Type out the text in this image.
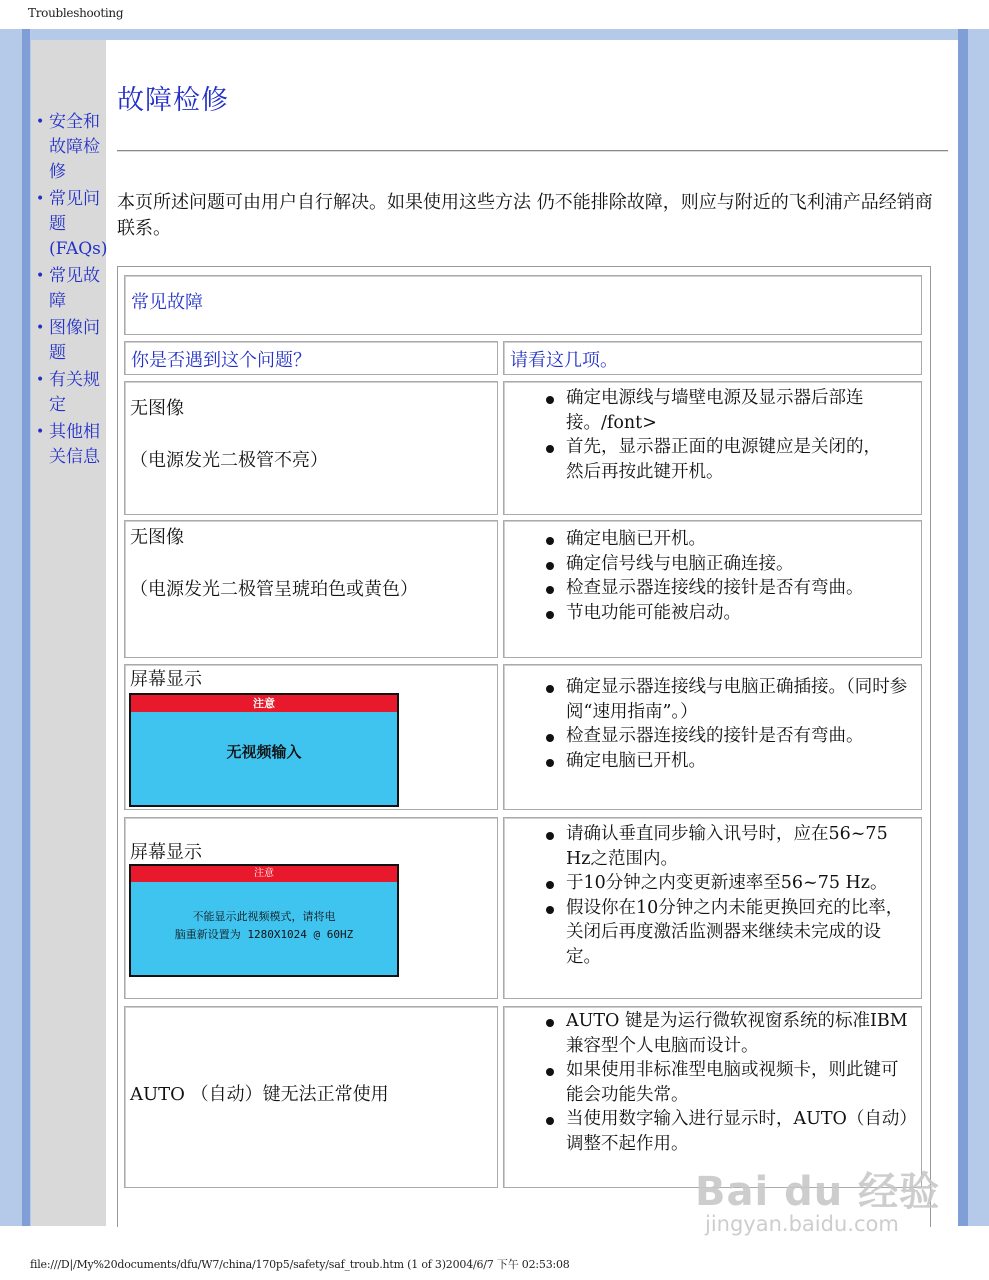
Troubleshooting
• 安全和故障检修
• 常见问题(FAQs)
• 常见故障
• 图像问题
• 有关规定
• 其他相关信息
故障检修
本页所述问题可由用户自行解决。如果使用这些方法 仍不能排除故障，则应与附近的飞利浦产品经销商联系。
常见故障
你是否遇到这个问题？	请看这几项。
无图像
（电源发光二极管不亮）
确定电源线与墙壁电源及显示器后部连接。/font>
首先，显示器正面的电源键应是关闭的，然后再按此键开机。
无图像
（电源发光二极管呈琥珀色或黄色）
确定电脑已开机。
确定信号线与电脑正确连接。
检查显示器连接线的接针是否有弯曲。
节电功能可能被启动。
屏幕显示
注意
无视频输入
确定显示器连接线与电脑正确插接。（同时参阅“速用指南”。）
检查显示器连接线的接针是否有弯曲。
确定电脑已开机。
屏幕显示
注意
不能显示此视频模式，请将电
脑重新设置为 1280X1024 @ 60HZ
请确认垂直同步输入讯号时，应在56~75 Hz之范围内。
于10分钟之内变更新速率至56~75 Hz。
假设你在10分钟之内未能更换回充的比率，关闭后再度激活监测器来继续未完成的设定。
AUTO （自动）键无法正常使用
AUTO 键是为运行微软视窗系统的标准IBM兼容型个人电脑而设计。
如果使用非标准型电脑或视频卡，则此键可能会功能失常。
当使用数字输入进行显示时，AUTO（自动）调整不起作用。
Bai du 经验
jingyan.baidu.com
file:///D|/My%20documents/dfu/W7/china/170p5/safety/saf_troub.htm (1 of 3)2004/6/7 下午 02:53:08
